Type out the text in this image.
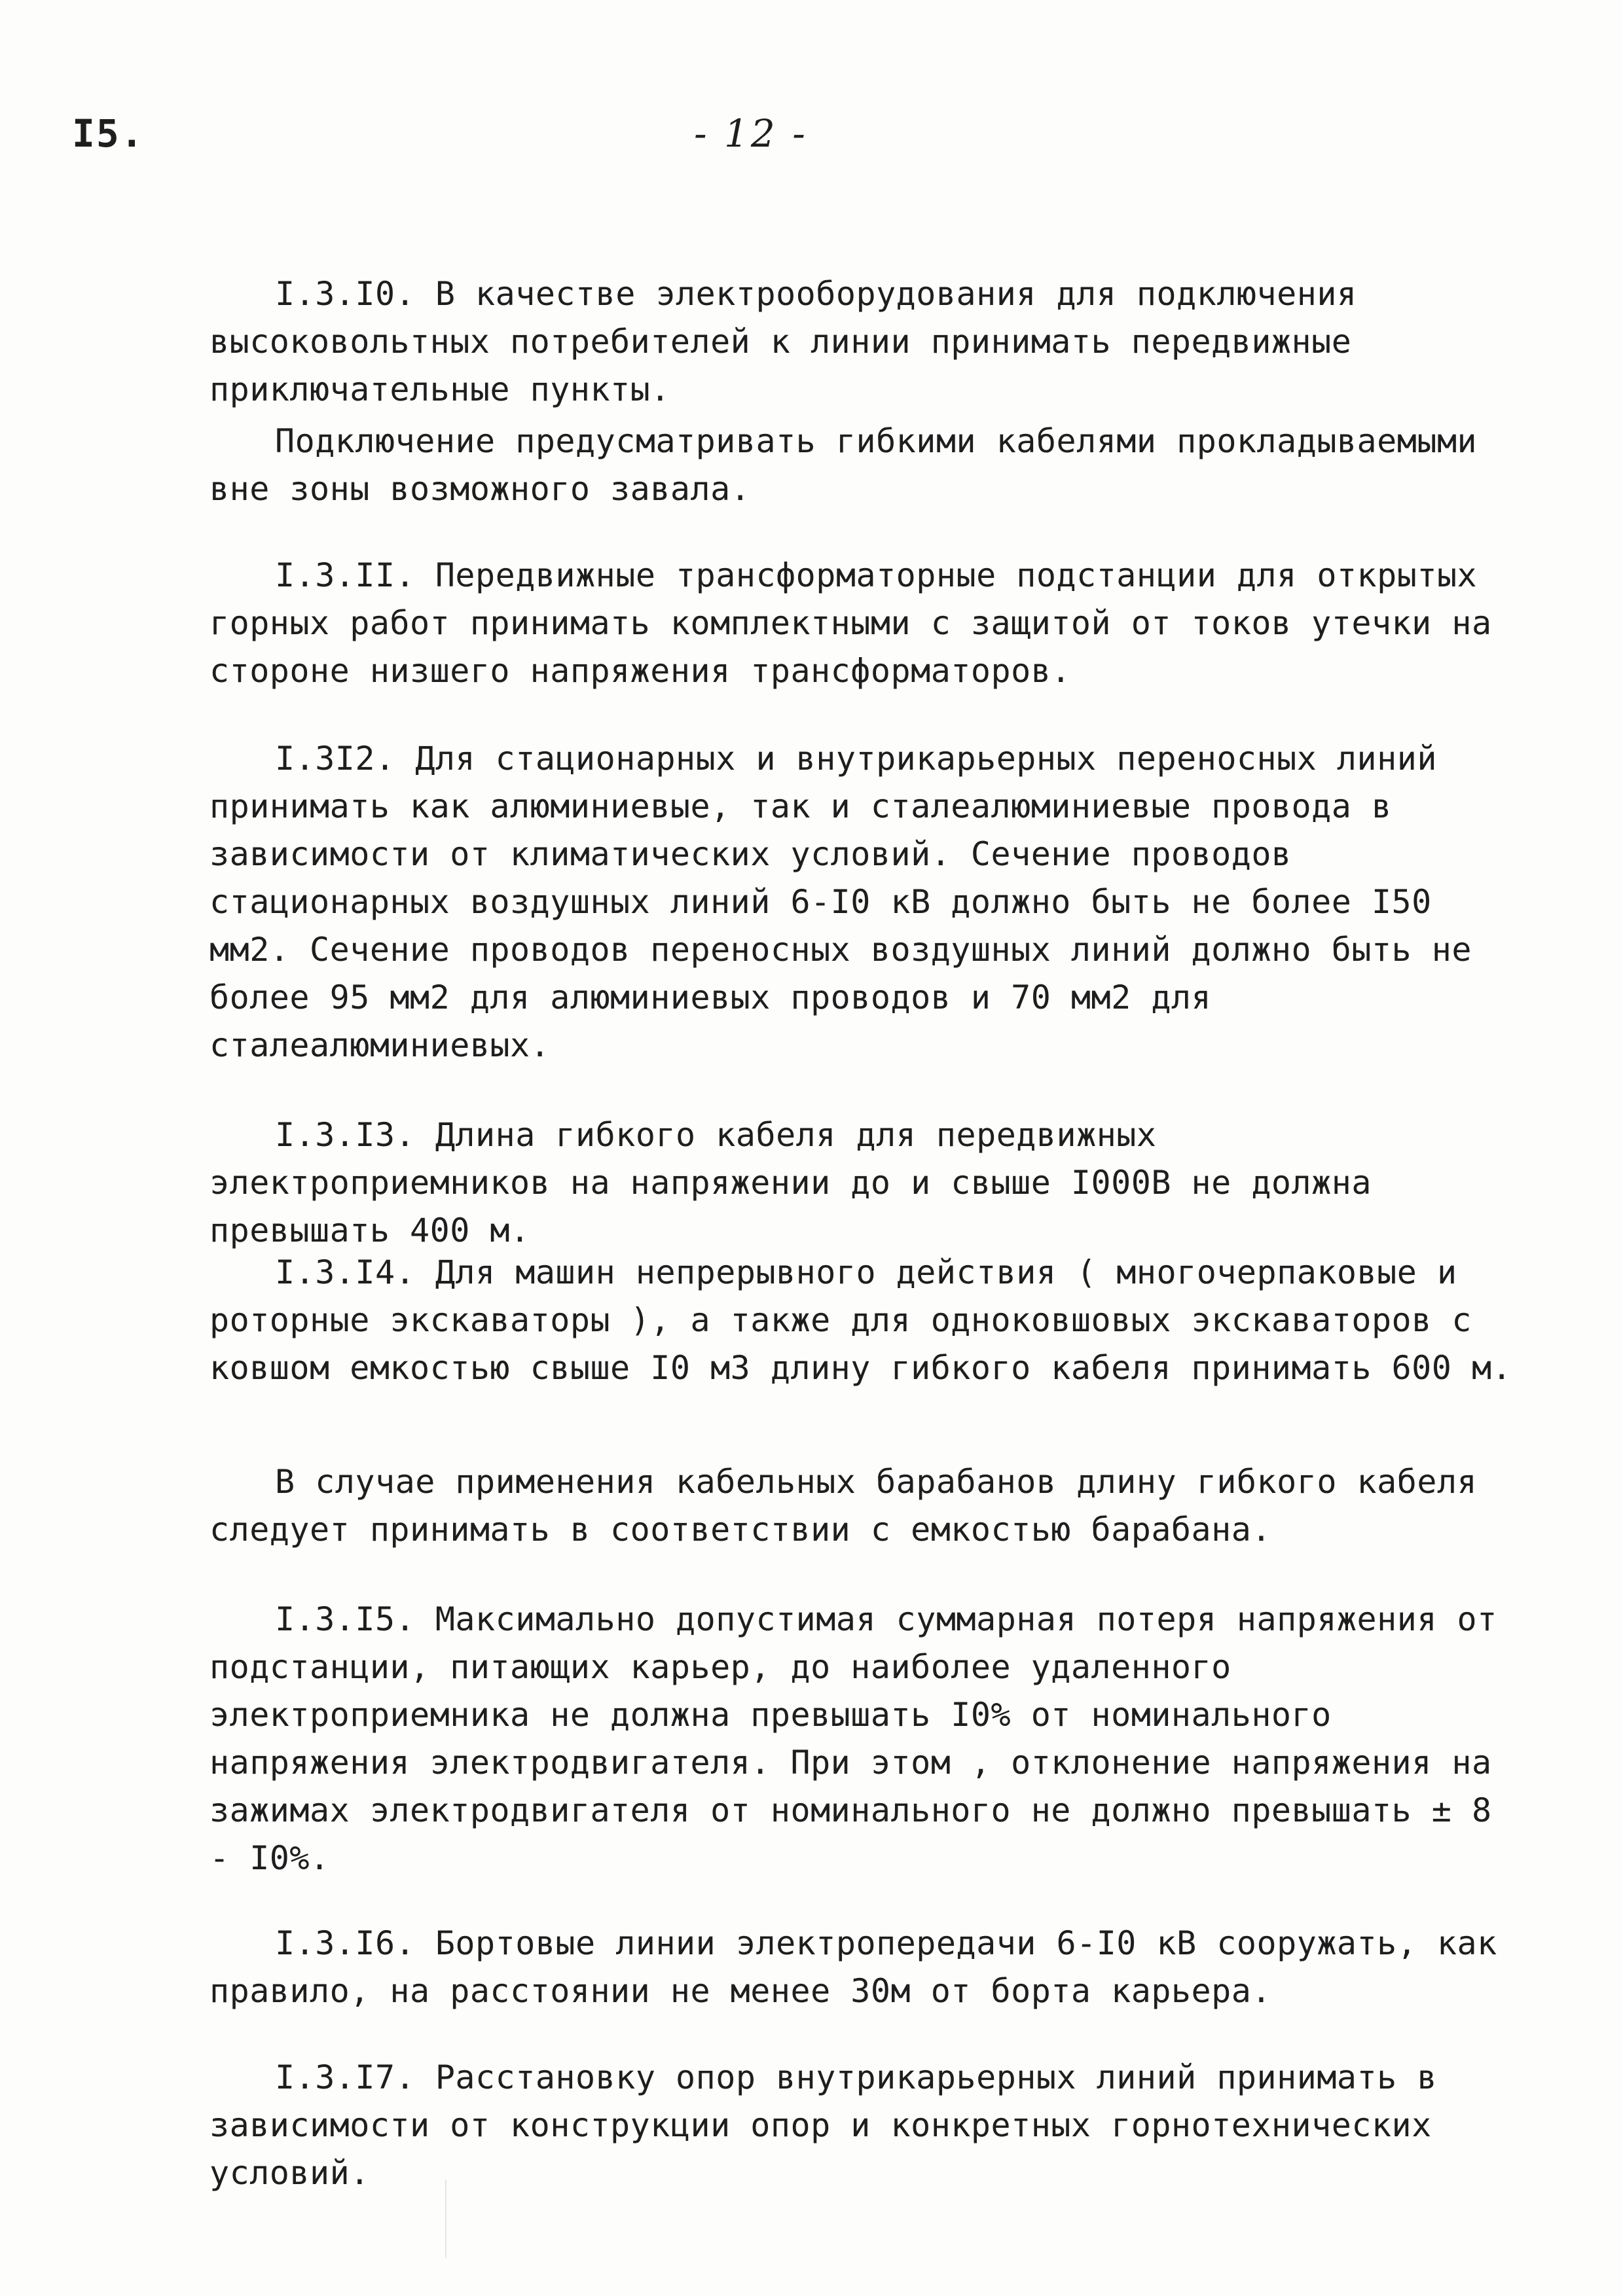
I5.	- 12 -

I.3.I0. В качестве электрооборудования для подключения высоковольтных потребителей к линии принимать передвижные приключательные пункты.

Подключение предусматривать гибкими кабелями прокладываемыми вне зоны возможного завала.

I.3.II. Передвижные трансформаторные подстанции для открытых горных работ принимать комплектными с защитой от токов утечки на стороне низшего напряжения трансформаторов.

I.3I2. Для стационарных и внутрикарьерных переносных линий принимать как алюминиевые, так и сталеалюминиевые провода в зависимости от климатических условий. Сечение проводов стационарных воздушных линий 6-I0 кВ должно быть не более I50 мм2. Сечение проводов переносных воздушных линий должно быть не более 95 мм2 для алюминиевых проводов и 70 мм2 для сталеалюминиевых.

I.3.I3. Длина гибкого кабеля для передвижных электроприемников на напряжении до и свыше I000В не должна превышать 400 м.

I.3.I4. Для машин непрерывного действия ( многочерпаковые и роторные экскаваторы ), а также для одноковшовых экскаваторов с ковшом емкостью свыше I0 м3 длину гибкого кабеля принимать 600 м.

В случае применения кабельных барабанов длину гибкого кабеля следует принимать в соответствии с емкостью барабана.

I.3.I5. Максимально допустимая суммарная потеря напряжения от подстанции, питающих карьер, до наиболее удаленного электроприемника не должна превышать I0% от номинального напряжения электродвигателя. При этом , отклонение напряжения на зажимах электродвигателя от номинального не должно превышать ± 8 - I0%.

I.3.I6. Бортовые линии электропередачи 6-I0 кВ сооружать, как правило, на расстоянии не менее 30м от борта карьера.

I.3.I7. Расстановку опор внутрикарьерных линий принимать в зависимости от конструкции опор и конкретных горнотехнических условий.
